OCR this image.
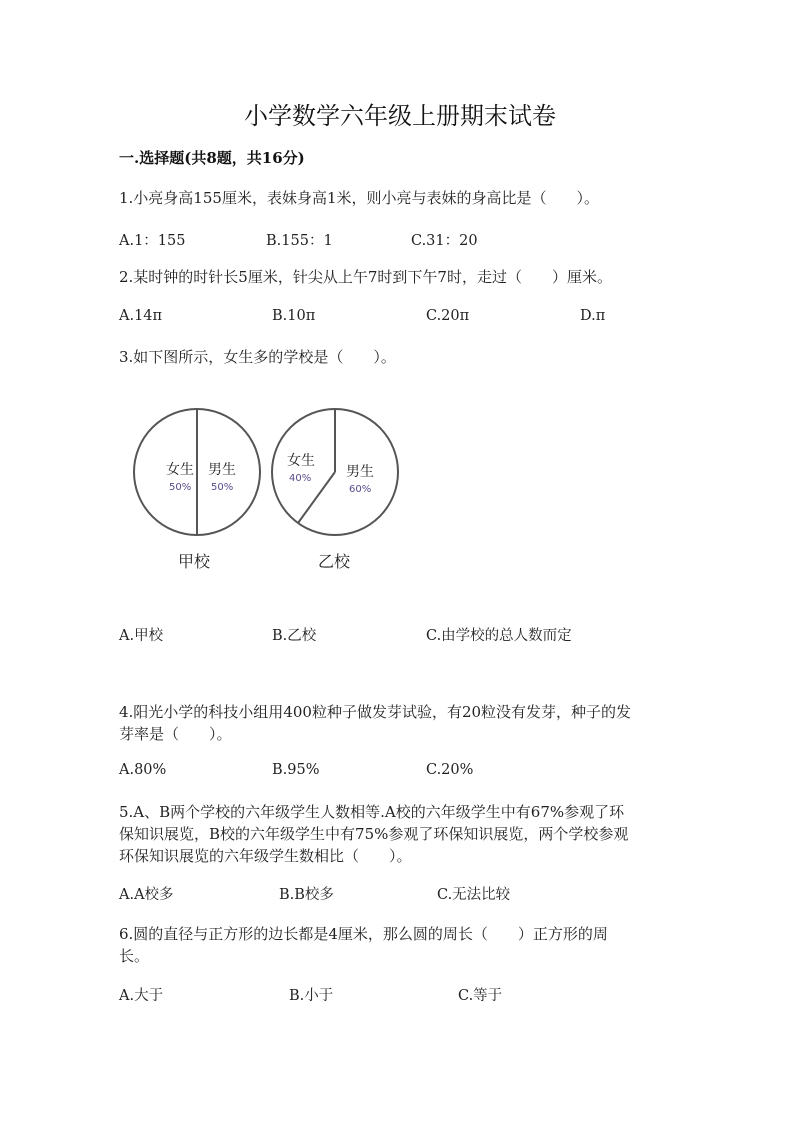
小学数学六年级上册期末试卷
一.选择题(共8题，共16分)
1.小亮身高155厘米，表妹身高1米，则小亮与表妹的身高比是（　　）。
A.1：155	B.155：1	C.31：20
2.某时钟的时针长5厘米，针尖从上午7时到下午7时，走过（　　）厘米。
A.14π	B.10π	C.20π	D.π
3.如下图所示，女生多的学校是（　　）。
女生
50%
男生
50%
甲校
女生
40% 男生
60%
乙校
A.甲校	B.乙校	C.由学校的总人数而定
4.阳光小学的科技小组用400粒种子做发芽试验，有20粒没有发芽，种子的发
芽率是（　　）。
A.80%	B.95%	C.20%
5.A、B两个学校的六年级学生人数相等.A校的六年级学生中有67%参观了环
保知识展览，B校的六年级学生中有75%参观了环保知识展览，两个学校参观
环保知识展览的六年级学生数相比（　　）。
A.A校多	B.B校多	C.无法比较
6.圆的直径与正方形的边长都是4厘米，那么圆的周长（　　）正方形的周
长。
A.大于	B.小于	C.等于
